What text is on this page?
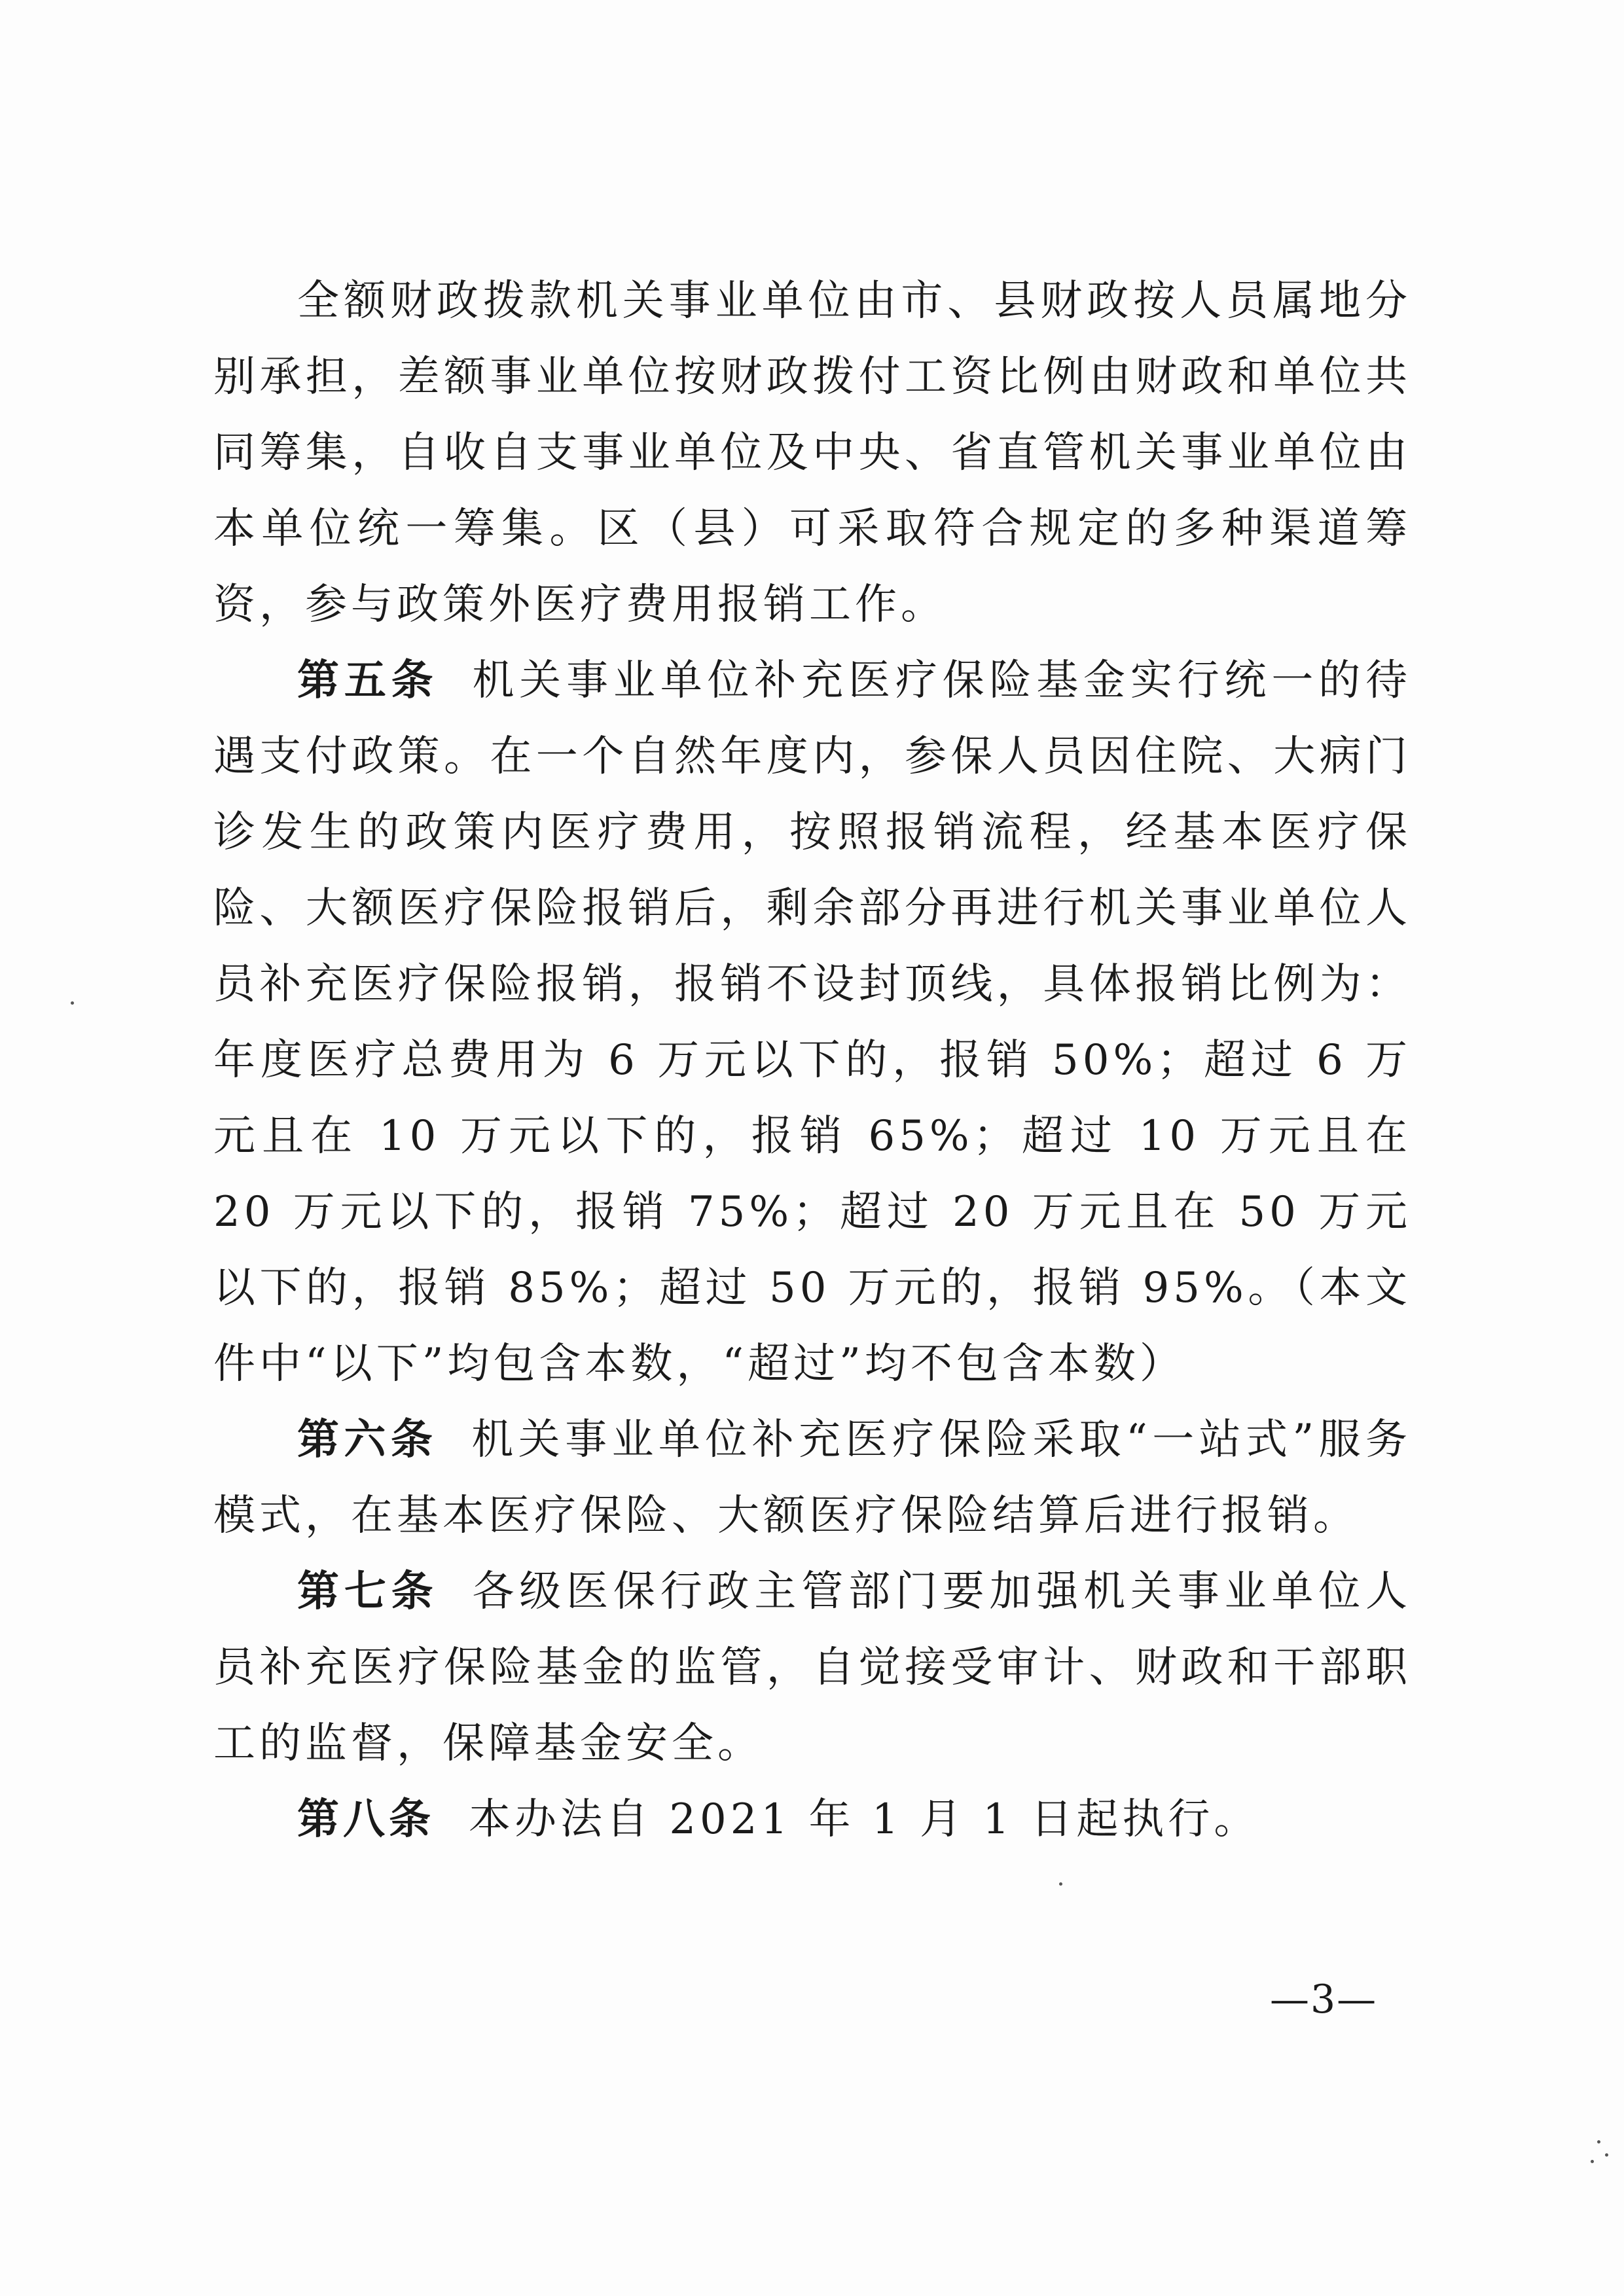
全额财政拨款机关事业单位由市、县财政按人员属地分别承担，差额事业单位按财政拨付工资比例由财政和单位共同筹集，自收自支事业单位及中央、省直管机关事业单位由本单位统一筹集。区（县）可采取符合规定的多种渠道筹资，参与政策外医疗费用报销工作。

第五条 机关事业单位补充医疗保险基金实行统一的待遇支付政策。在一个自然年度内，参保人员因住院、大病门诊发生的政策内医疗费用，按照报销流程，经基本医疗保险、大额医疗保险报销后，剩余部分再进行机关事业单位人员补充医疗保险报销，报销不设封顶线，具体报销比例为：年度医疗总费用为 6 万元以下的，报销 50%；超过 6 万元且在 10 万元以下的，报销 65%；超过 10 万元且在 20 万元以下的，报销 75%；超过 20 万元且在 50 万元以下的，报销 85%；超过 50 万元的，报销 95%。（本文件中“以下”均包含本数，“超过”均不包含本数）

第六条 机关事业单位补充医疗保险采取“一站式”服务模式，在基本医疗保险、大额医疗保险结算后进行报销。

第七条 各级医保行政主管部门要加强机关事业单位人员补充医疗保险基金的监管，自觉接受审计、财政和干部职工的监督，保障基金安全。

第八条 本办法自 2021 年 1 月 1 日起执行。

—3—
